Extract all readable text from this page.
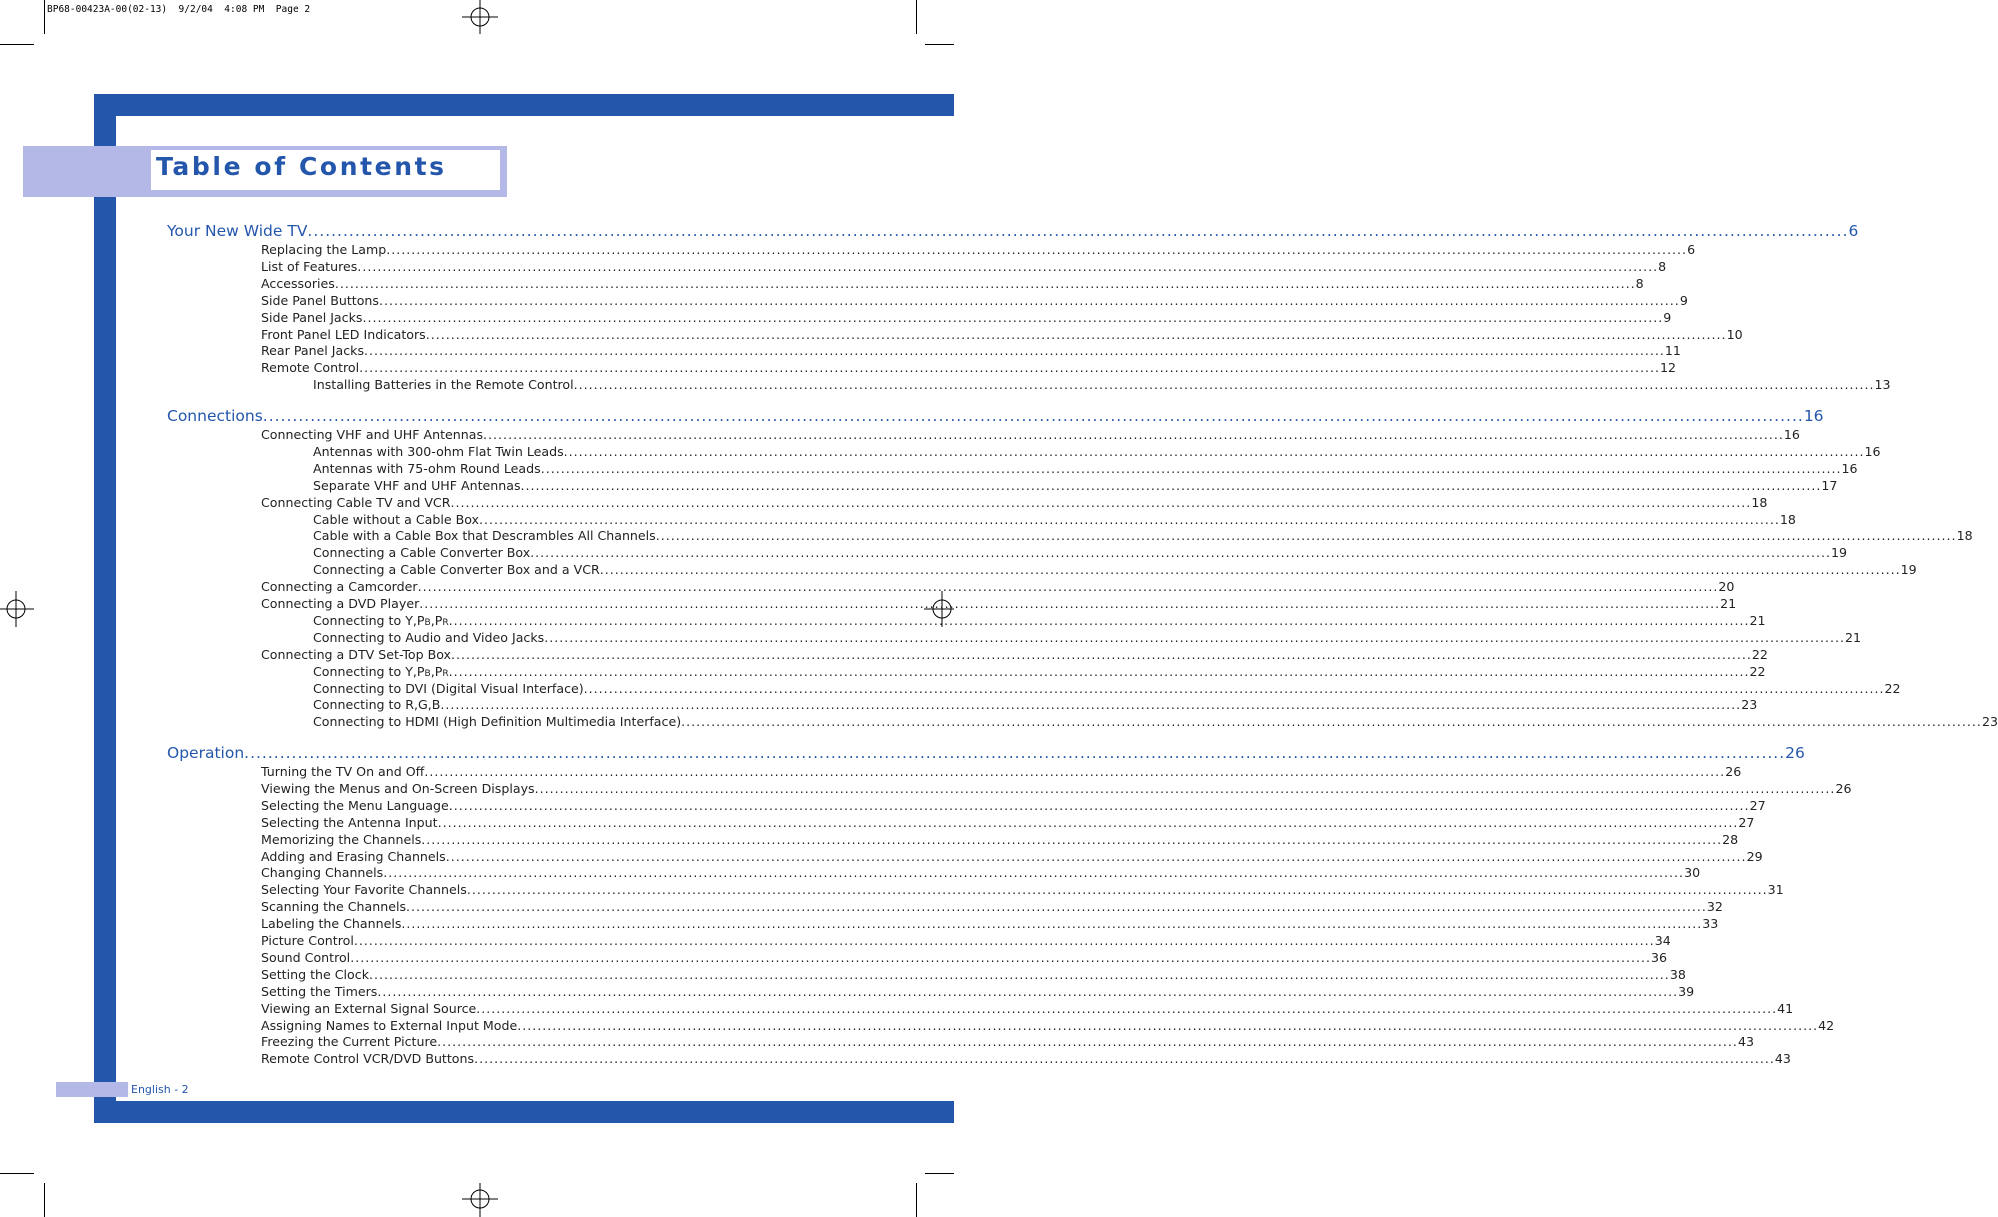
BP68-00423A-00(02-13)  9/2/04  4:08 PM  Page 2
Table of Contents
Your New Wide TV .................................................................................................................................................................................................................................................................... 6
Replacing the Lamp .................................................................................................................................................................................................................................................................... 6
List of Features .................................................................................................................................................................................................................................................................... 8
Accessories .................................................................................................................................................................................................................................................................... 8
Side Panel Buttons .................................................................................................................................................................................................................................................................... 9
Side Panel Jacks .................................................................................................................................................................................................................................................................... 9
Front Panel LED Indicators .................................................................................................................................................................................................................................................................... 10
Rear Panel Jacks .................................................................................................................................................................................................................................................................... 11
Remote Control .................................................................................................................................................................................................................................................................... 12
Installing Batteries in the Remote Control .................................................................................................................................................................................................................................................................... 13
Connections .................................................................................................................................................................................................................................................................... 16
Connecting VHF and UHF Antennas .................................................................................................................................................................................................................................................................... 16
Antennas with 300-ohm Flat Twin Leads .................................................................................................................................................................................................................................................................... 16
Antennas with 75-ohm Round Leads .................................................................................................................................................................................................................................................................... 16
Separate VHF and UHF Antennas .................................................................................................................................................................................................................................................................... 17
Connecting Cable TV and VCR .................................................................................................................................................................................................................................................................... 18
Cable without a Cable Box .................................................................................................................................................................................................................................................................... 18
Cable with a Cable Box that Descrambles All Channels .................................................................................................................................................................................................................................................................... 18
Connecting a Cable Converter Box .................................................................................................................................................................................................................................................................... 19
Connecting a Cable Converter Box and a VCR .................................................................................................................................................................................................................................................................... 19
Connecting a Camcorder .................................................................................................................................................................................................................................................................... 20
Connecting a DVD Player .................................................................................................................................................................................................................................................................... 21
Connecting to Y,PB,PR .................................................................................................................................................................................................................................................................... 21
Connecting to Audio and Video Jacks .................................................................................................................................................................................................................................................................... 21
Connecting a DTV Set-Top Box .................................................................................................................................................................................................................................................................... 22
Connecting to Y,PB,PR .................................................................................................................................................................................................................................................................... 22
Connecting to DVI (Digital Visual Interface) .................................................................................................................................................................................................................................................................... 22
Connecting to R,G,B .................................................................................................................................................................................................................................................................... 23
Connecting to HDMI (High Definition Multimedia Interface) .................................................................................................................................................................................................................................................................... 23
Operation .................................................................................................................................................................................................................................................................... 26
Turning the TV On and Off .................................................................................................................................................................................................................................................................... 26
Viewing the Menus and On-Screen Displays .................................................................................................................................................................................................................................................................... 26
Selecting the Menu Language .................................................................................................................................................................................................................................................................... 27
Selecting the Antenna Input .................................................................................................................................................................................................................................................................... 27
Memorizing the Channels .................................................................................................................................................................................................................................................................... 28
Adding and Erasing Channels .................................................................................................................................................................................................................................................................... 29
Changing Channels .................................................................................................................................................................................................................................................................... 30
Selecting Your Favorite Channels .................................................................................................................................................................................................................................................................... 31
Scanning the Channels .................................................................................................................................................................................................................................................................... 32
Labeling the Channels .................................................................................................................................................................................................................................................................... 33
Picture Control .................................................................................................................................................................................................................................................................... 34
Sound Control .................................................................................................................................................................................................................................................................... 36
Setting the Clock .................................................................................................................................................................................................................................................................... 38
Setting the Timers .................................................................................................................................................................................................................................................................... 39
Viewing an External Signal Source .................................................................................................................................................................................................................................................................... 41
Assigning Names to External Input Mode .................................................................................................................................................................................................................................................................... 42
Freezing the Current Picture .................................................................................................................................................................................................................................................................... 43
Remote Control VCR/DVD Buttons .................................................................................................................................................................................................................................................................... 43
English - 2
